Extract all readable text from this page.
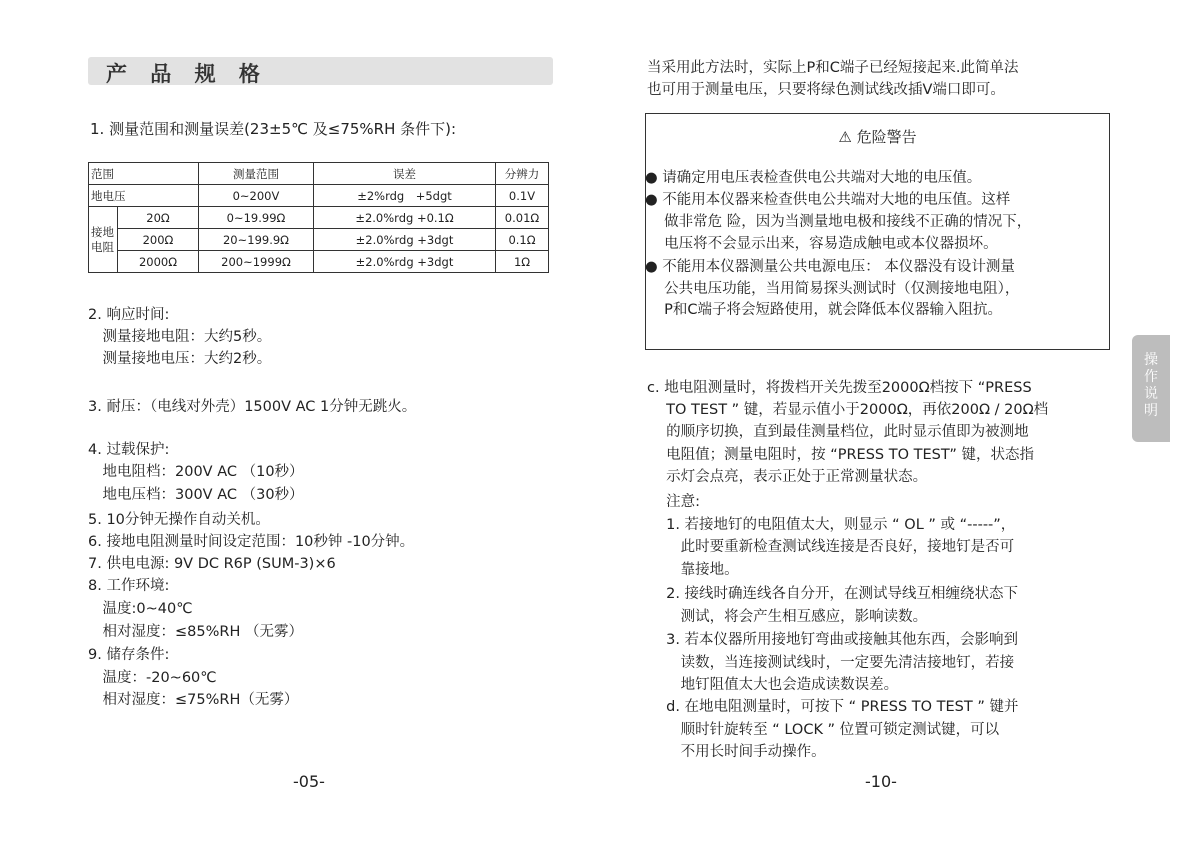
产 品 规 格
1. 测量范围和测量误差(23±5℃ 及≤75%RH 条件下):
范围		测量范围	误差	分辨力
地电压		0~200V	±2%rdg　+5dgt	0.1V
接地电阻	20Ω	0~19.99Ω	±2.0%rdg +0.1Ω	0.01Ω
	200Ω	20~199.9Ω	±2.0%rdg +3dgt	0.1Ω
	2000Ω	200~1999Ω	±2.0%rdg +3dgt	1Ω
2. 响应时间:
　测量接地电阻：大约5秒。
　测量接地电压：大约2秒。
3. 耐压：（电线对外壳）1500V AC 1分钟无跳火。
4. 过载保护:
　地电阻档：200V AC （10秒）
　地电压档：300V AC （30秒）
5. 10分钟无操作自动关机。
6. 接地电阻测量时间设定范围：10秒钟 -10分钟。
7. 供电电源: 9V DC R6P (SUM-3)×6
8. 工作环境:
　温度:0~40℃
　相对湿度：≤85%RH （无雾）
9. 储存条件:
　温度：-20~60℃
　相对湿度：≤75%RH（无雾）
-05-
当采用此方法时，实际上P和C端子已经短接起来.此简单法
也可用于测量电压，只要将绿色测试线改插V端口即可。
⚠ 危险警告
● 请确定用电压表检查供电公共端对大地的电压值。
● 不能用本仪器来检查供电公共端对大地的电压值。这样
　 做非常危 险，因为当测量地电极和接线不正确的情况下，
　 电压将不会显示出来，容易造成触电或本仪器损坏。
● 不能用本仪器测量公共电源电压： 本仪器没有设计测量
　 公共电压功能，当用简易探头测试时（仅测接地电阻），
　 P和C端子将会短路使用，就会降低本仪器输入阻抗。
c. 地电阻测量时，将拨档开关先拨至2000Ω档按下 “PRESS
　 TO TEST ” 键，若显示值小于2000Ω，再依200Ω / 20Ω档
　 的顺序切换，直到最佳测量档位，此时显示值即为被测地
　 电阻值；测量电阻时，按 “PRESS TO TEST” 键，状态指
　 示灯会点亮，表示正处于正常测量状态。
　 注意:
　 1. 若接地钉的电阻值太大，则显示 “ OL ” 或 “-----”，
　　 此时要重新检查测试线连接是否良好，接地钉是否可
　　 靠接地。
　 2. 接线时确连线各自分开，在测试导线互相缠绕状态下
　　 测试，将会产生相互感应，影响读数。
　 3. 若本仪器所用接地钉弯曲或接触其他东西，会影响到
　　 读数，当连接测试线时，一定要先清洁接地钉，若接
　　 地钉阻值太大也会造成读数误差。
　 d. 在地电阻测量时，可按下 “ PRESS TO TEST ” 键并
　　 顺时针旋转至 “ LOCK ” 位置可锁定测试键，可以
　　 不用长时间手动操作。
操
作
说
明
-10-
